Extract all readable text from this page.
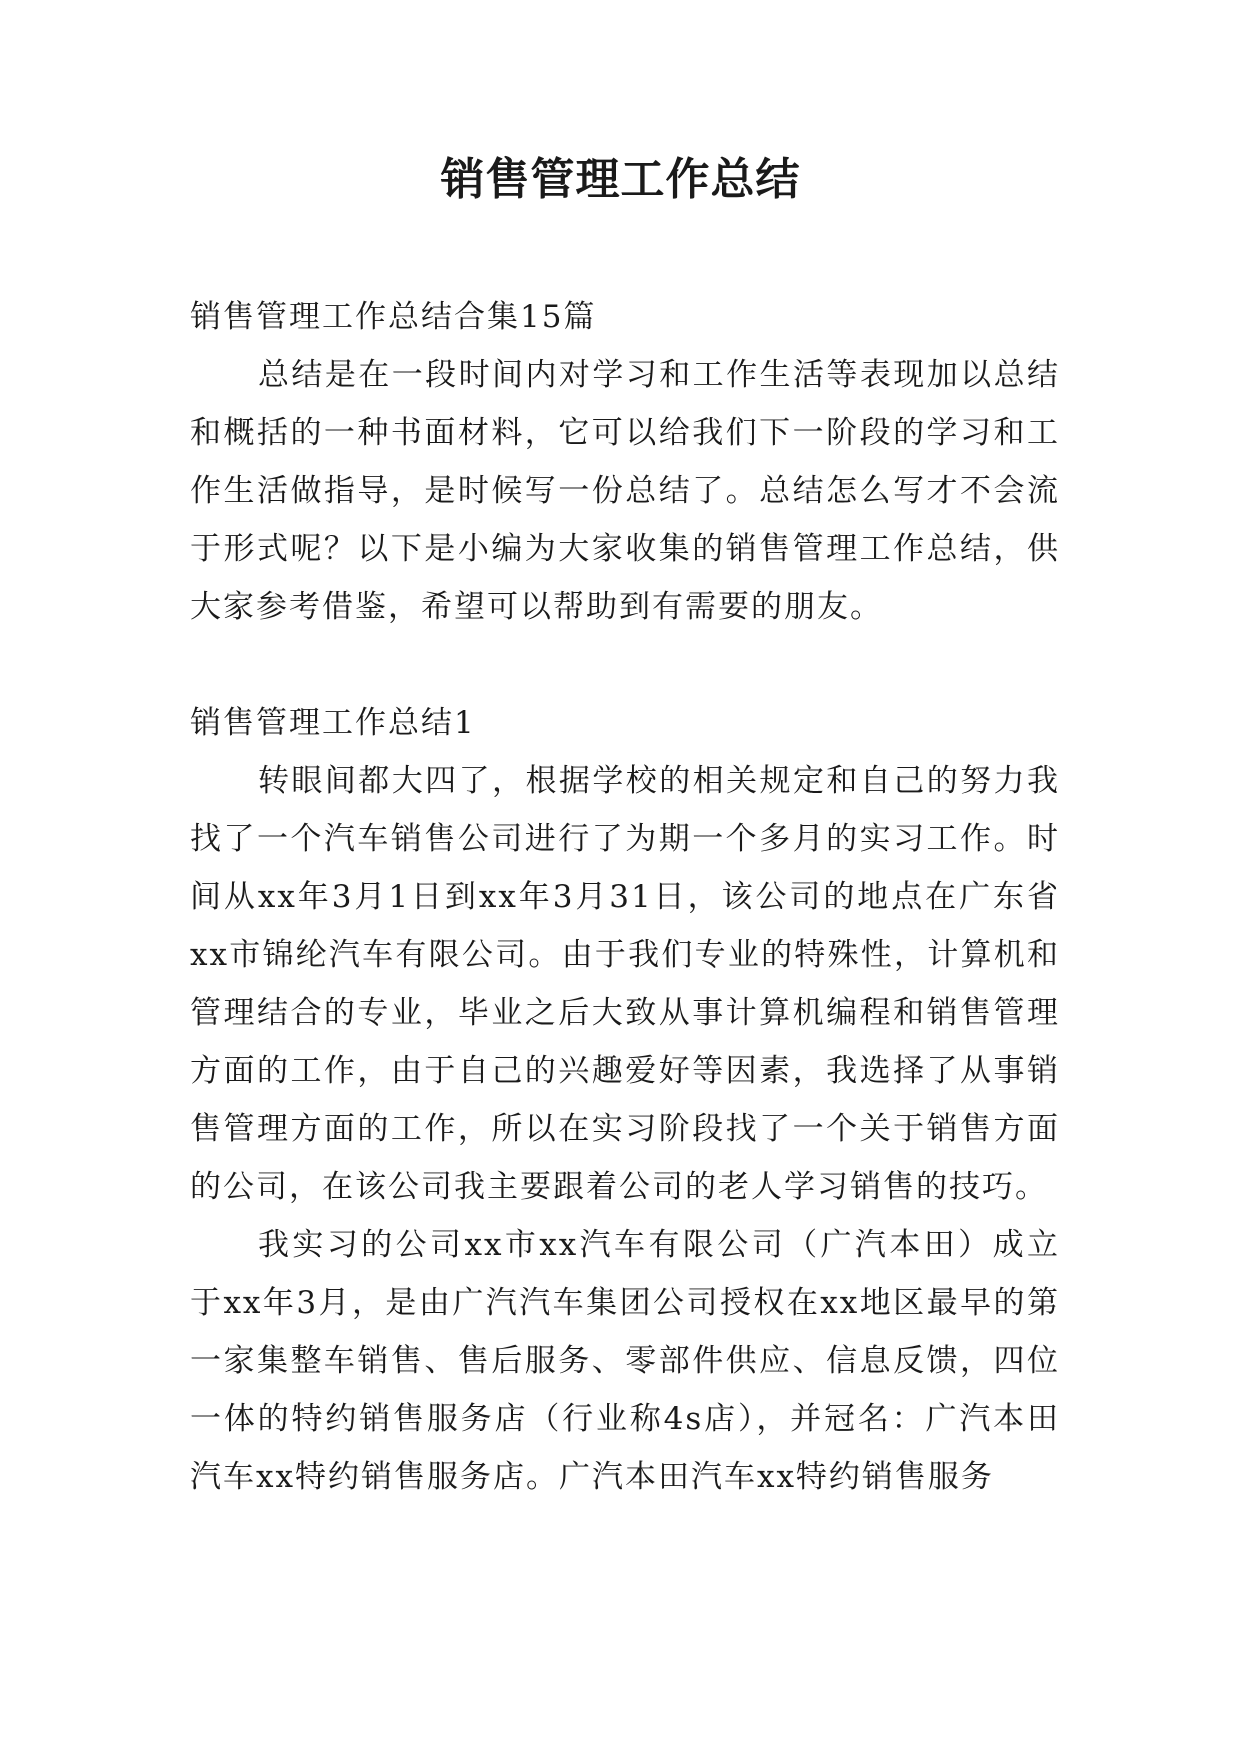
销售管理工作总结

销售管理工作总结合集15篇

总结是在一段时间内对学习和工作生活等表现加以总结和概括的一种书面材料，它可以给我们下一阶段的学习和工作生活做指导，是时候写一份总结了。总结怎么写才不会流于形式呢？以下是小编为大家收集的销售管理工作总结，供大家参考借鉴，希望可以帮助到有需要的朋友。

销售管理工作总结1

转眼间都大四了，根据学校的相关规定和自己的努力我找了一个汽车销售公司进行了为期一个多月的实习工作。时间从xx年3月1日到xx年3月31日，该公司的地点在广东省xx市锦纶汽车有限公司。由于我们专业的特殊性，计算机和管理结合的专业，毕业之后大致从事计算机编程和销售管理方面的工作，由于自己的兴趣爱好等因素，我选择了从事销售管理方面的工作，所以在实习阶段找了一个关于销售方面的公司，在该公司我主要跟着公司的老人学习销售的技巧。

我实习的公司xx市xx汽车有限公司（广汽本田）成立于xx年3月，是由广汽汽车集团公司授权在xx地区最早的第一家集整车销售、售后服务、零部件供应、信息反馈，四位一体的特约销售服务店（行业称4s店），并冠名：广汽本田汽车xx特约销售服务店。广汽本田汽车xx特约销售服务
